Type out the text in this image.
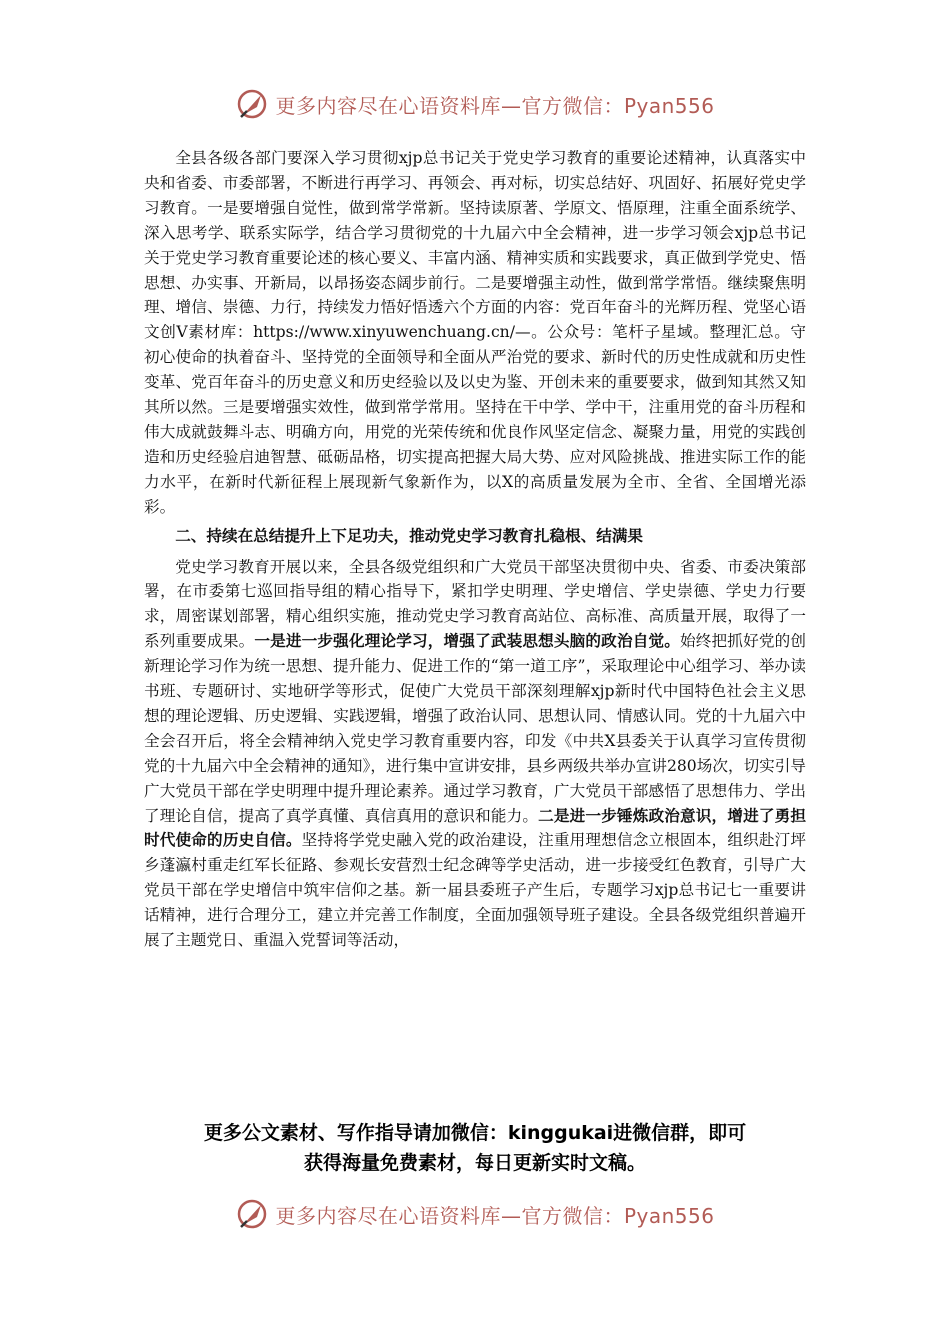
更多内容尽在心语资料库—官方微信：Pyan556

全县各级各部门要深入学习贯彻xjp总书记关于党史学习教育的重要论述精神，认真落实中央和省委、市委部署，不断进行再学习、再领会、再对标，切实总结好、巩固好、拓展好党史学习教育。一是要增强自觉性，做到常学常新。坚持读原著、学原文、悟原理，注重全面系统学、深入思考学、联系实际学，结合学习贯彻党的十九届六中全会精神，进一步学习领会xjp总书记关于党史学习教育重要论述的核心要义、丰富内涵、精神实质和实践要求，真正做到学党史、悟思想、办实事、开新局，以昂扬姿态阔步前行。二是要增强主动性，做到常学常悟。继续聚焦明理、增信、崇德、力行，持续发力悟好悟透六个方面的内容：党百年奋斗的光辉历程、党坚心语文创Ⅴ素材库：https://www.xinyuwenchuang.cn/—。公众号：笔杆子星域。整理汇总。守初心使命的执着奋斗、坚持党的全面领导和全面从严治党的要求、新时代的历史性成就和历史性变革、党百年奋斗的历史意义和历史经验以及以史为鉴、开创未来的重要要求，做到知其然又知其所以然。三是要增强实效性，做到常学常用。坚持在干中学、学中干，注重用党的奋斗历程和伟大成就鼓舞斗志、明确方向，用党的光荣传统和优良作风坚定信念、凝聚力量，用党的实践创造和历史经验启迪智慧、砥砺品格，切实提高把握大局大势、应对风险挑战、推进实际工作的能力水平，在新时代新征程上展现新气象新作为，以X的高质量发展为全市、全省、全国增光添彩。

二、持续在总结提升上下足功夫，推动党史学习教育扎稳根、结满果

党史学习教育开展以来，全县各级党组织和广大党员干部坚决贯彻中央、省委、市委决策部署，在市委第七巡回指导组的精心指导下，紧扣学史明理、学史增信、学史崇德、学史力行要求，周密谋划部署，精心组织实施，推动党史学习教育高站位、高标准、高质量开展，取得了一系列重要成果。一是进一步强化理论学习，增强了武装思想头脑的政治自觉。始终把抓好党的创新理论学习作为统一思想、提升能力、促进工作的“第一道工序”，采取理论中心组学习、举办读书班、专题研讨、实地研学等形式，促使广大党员干部深刻理解xjp新时代中国特色社会主义思想的理论逻辑、历史逻辑、实践逻辑，增强了政治认同、思想认同、情感认同。党的十九届六中全会召开后，将全会精神纳入党史学习教育重要内容，印发《中共X县委关于认真学习宣传贯彻党的十九届六中全会精神的通知》，进行集中宣讲安排，县乡两级共举办宣讲280场次，切实引导广大党员干部在学史明理中提升理论素养。通过学习教育，广大党员干部感悟了思想伟力、学出了理论自信，提高了真学真懂、真信真用的意识和能力。二是进一步锤炼政治意识，增进了勇担时代使命的历史自信。坚持将学党史融入党的政治建设，注重用理想信念立根固本，组织赴汀坪乡蓬瀛村重走红军长征路、参观长安营烈士纪念碑等学史活动，进一步接受红色教育，引导广大党员干部在学史增信中筑牢信仰之基。新一届县委班子产生后，专题学习xjp总书记七一重要讲话精神，进行合理分工，建立并完善工作制度，全面加强领导班子建设。全县各级党组织普遍开展了主题党日、重温入党誓词等活动，

更多公文素材、写作指导请加微信：kinggukai进微信群，即可
获得海量免费素材，每日更新实时文稿。
更多内容尽在心语资料库—官方微信：Pyan556
